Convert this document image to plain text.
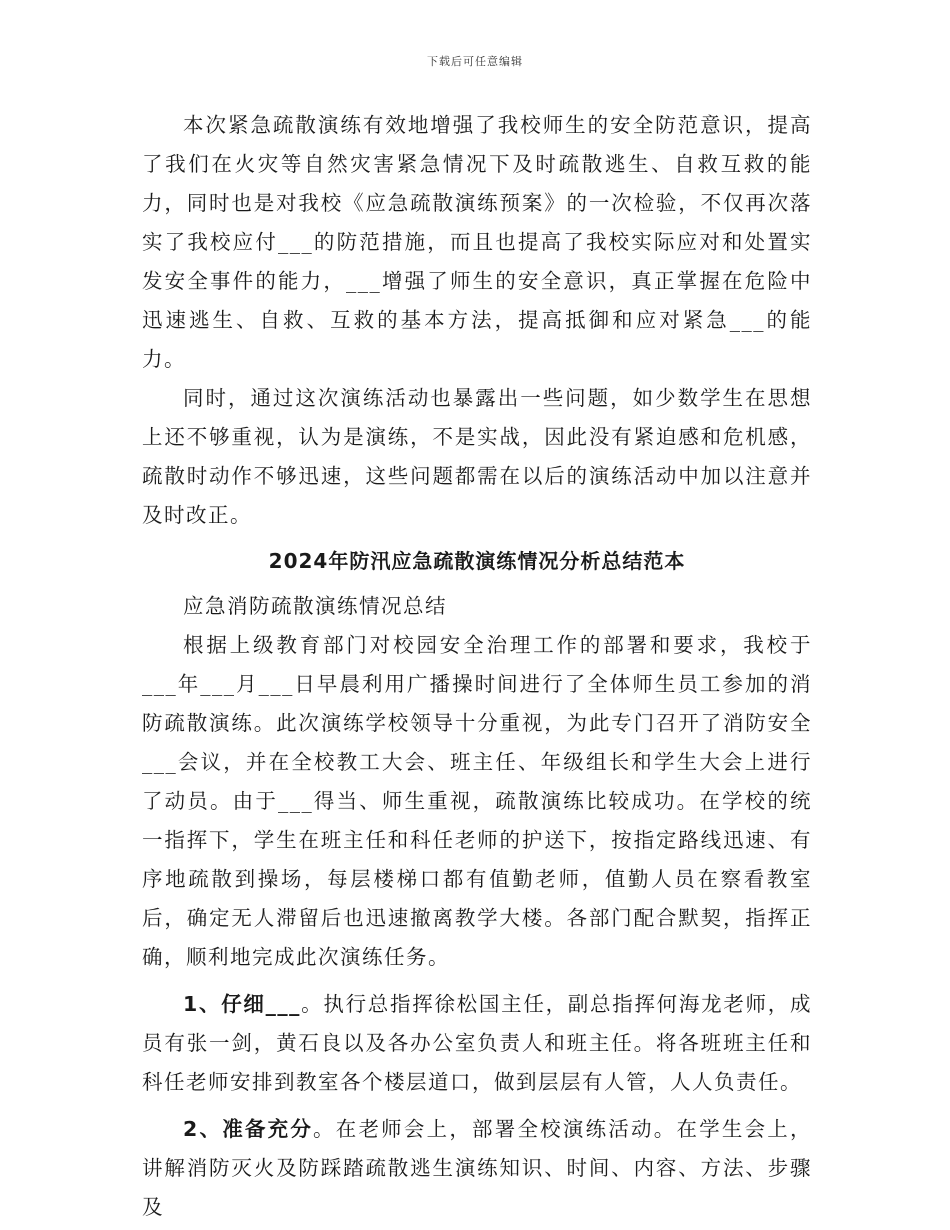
下载后可任意编辑

本次紧急疏散演练有效地增强了我校师生的安全防范意识，提高了我们在火灾等自然灾害紧急情况下及时疏散逃生、自救互救的能力，同时也是对我校《应急疏散演练预案》的一次检验，不仅再次落实了我校应付___的防范措施，而且也提高了我校实际应对和处置实发安全事件的能力，___增强了师生的安全意识，真正掌握在危险中迅速逃生、自救、互救的基本方法，提高抵御和应对紧急___的能力。

同时，通过这次演练活动也暴露出一些问题，如少数学生在思想上还不够重视，认为是演练，不是实战，因此没有紧迫感和危机感，疏散时动作不够迅速，这些问题都需在以后的演练活动中加以注意并及时改正。

2024年防汛应急疏散演练情况分析总结范本

应急消防疏散演练情况总结

根据上级教育部门对校园安全治理工作的部署和要求，我校于___年___月___日早晨利用广播操时间进行了全体师生员工参加的消防疏散演练。此次演练学校领导十分重视，为此专门召开了消防安全___会议，并在全校教工大会、班主任、年级组长和学生大会上进行了动员。由于___得当、师生重视，疏散演练比较成功。在学校的统一指挥下，学生在班主任和科任老师的护送下，按指定路线迅速、有序地疏散到操场，每层楼梯口都有值勤老师，值勤人员在察看教室后，确定无人滞留后也迅速撤离教学大楼。各部门配合默契，指挥正确，顺利地完成此次演练任务。

1、仔细___。执行总指挥徐松国主任，副总指挥何海龙老师，成员有张一剑，黄石良以及各办公室负责人和班主任。将各班班主任和科任老师安排到教室各个楼层道口，做到层层有人管，人人负责任。

2、准备充分。在老师会上，部署全校演练活动。在学生会上，讲解消防灭火及防踩踏疏散逃生演练知识、时间、内容、方法、步骤及
